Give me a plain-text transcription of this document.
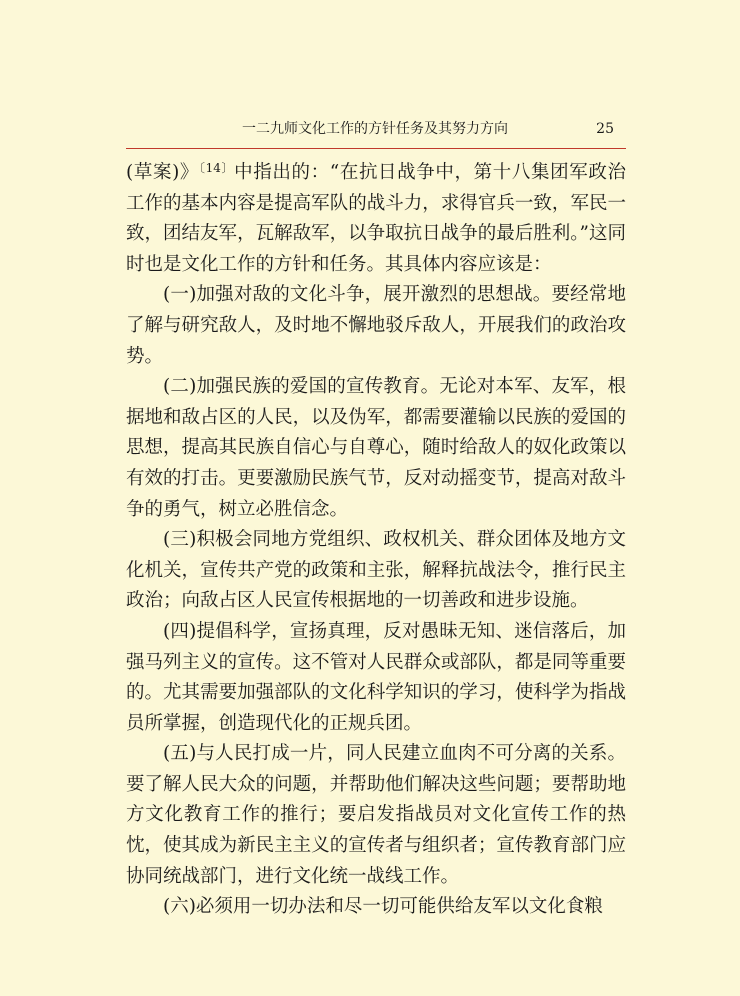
一二九师文化工作的方针任务及其努力方向	25

(草案)》$^{〔14〕}$中指出的：“在抗日战争中，第十八集团军政治工作的基本内容是提高军队的战斗力，求得官兵一致，军民一致，团结友军，瓦解敌军，以争取抗日战争的最后胜利。”这同时也是文化工作的方针和任务。其具体内容应该是：

(一)加强对敌的文化斗争，展开激烈的思想战。要经常地了解与研究敌人，及时地不懈地驳斥敌人，开展我们的政治攻势。

(二)加强民族的爱国的宣传教育。无论对本军、友军，根据地和敌占区的人民，以及伪军，都需要灌输以民族的爱国的思想，提高其民族自信心与自尊心，随时给敌人的奴化政策以有效的打击。更要激励民族气节，反对动摇变节，提高对敌斗争的勇气，树立必胜信念。

(三)积极会同地方党组织、政权机关、群众团体及地方文化机关，宣传共产党的政策和主张，解释抗战法令，推行民主政治；向敌占区人民宣传根据地的一切善政和进步设施。

(四)提倡科学，宣扬真理，反对愚昧无知、迷信落后，加强马列主义的宣传。这不管对人民群众或部队，都是同等重要的。尤其需要加强部队的文化科学知识的学习，使科学为指战员所掌握，创造现代化的正规兵团。

(五)与人民打成一片，同人民建立血肉不可分离的关系。要了解人民大众的问题，并帮助他们解决这些问题；要帮助地方文化教育工作的推行；要启发指战员对文化宣传工作的热忱，使其成为新民主主义的宣传者与组织者；宣传教育部门应协同统战部门，进行文化统一战线工作。

(六)必须用一切办法和尽一切可能供给友军以文化食粮
